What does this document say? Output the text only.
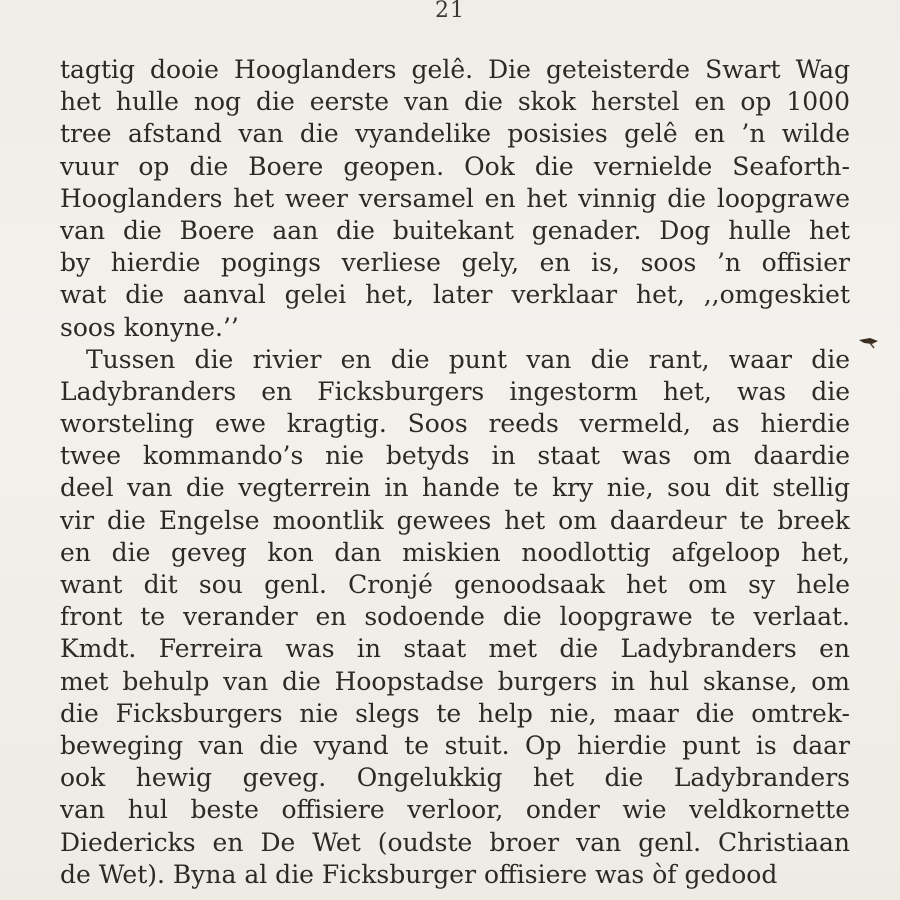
21
tagtig dooie Hooglanders gelê. Die geteisterde Swart Wag
het hulle nog die eerste van die skok herstel en op 1000
tree afstand van die vyandelike posisies gelê en ’n wilde
vuur op die Boere geopen. Ook die vernielde Seaforth-
Hooglanders het weer versamel en het vinnig die loopgrawe
van die Boere aan die buitekant genader. Dog hulle het
by hierdie pogings verliese gely, en is, soos ’n offisier
wat die aanval gelei het, later verklaar het, ,,omgeskiet
soos konyne.’’
Tussen die rivier en die punt van die rant, waar die
Ladybranders en Ficksburgers ingestorm het, was die
worsteling ewe kragtig. Soos reeds vermeld, as hierdie
twee kommando’s nie betyds in staat was om daardie
deel van die vegterrein in hande te kry nie, sou dit stellig
vir die Engelse moontlik gewees het om daardeur te breek
en die geveg kon dan miskien noodlottig afgeloop het,
want dit sou genl. Cronjé genoodsaak het om sy hele
front te verander en sodoende die loopgrawe te verlaat.
Kmdt. Ferreira was in staat met die Ladybranders en
met behulp van die Hoopstadse burgers in hul skanse, om
die Ficksburgers nie slegs te help nie, maar die omtrek-
beweging van die vyand te stuit. Op hierdie punt is daar
ook hewig geveg. Ongelukkig het die Ladybranders
van hul beste offisiere verloor, onder wie veldkornette
Diedericks en De Wet (oudste broer van genl. Christiaan
de Wet). Byna al die Ficksburger offisiere was òf gedood
